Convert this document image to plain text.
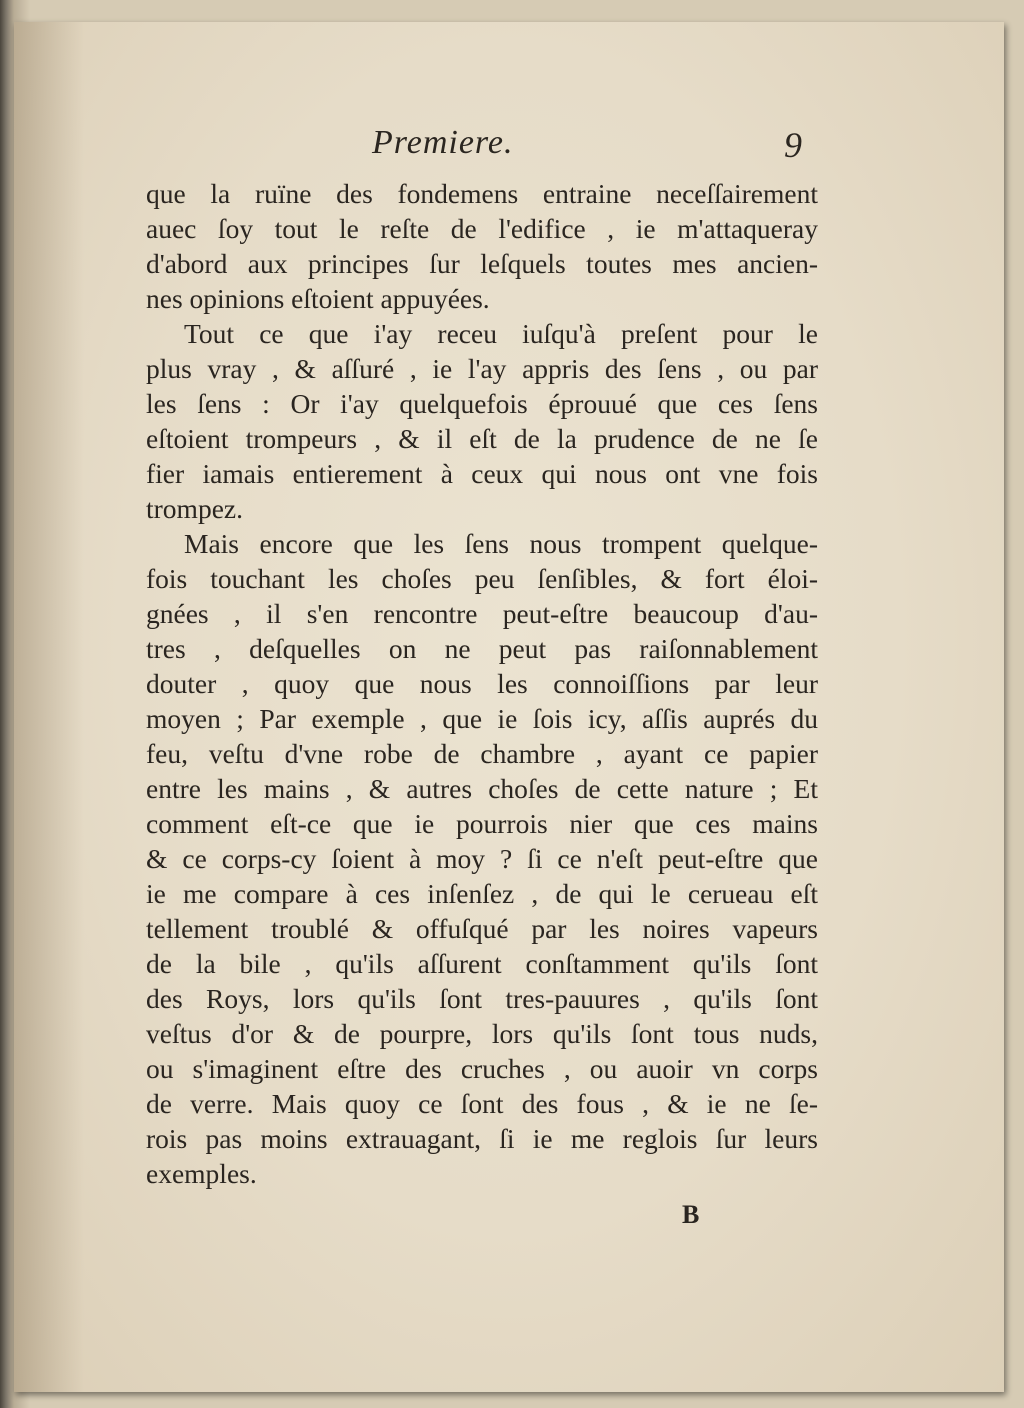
Premiere.	9
que la ruïne des fondemens entraine neceſſairement
auec ſoy tout le reſte de l'edifice , ie m'attaqueray
d'abord aux principes ſur leſquels toutes mes ancien-
nes opinions eſtoient appuyées.
Tout ce que i'ay receu iuſqu'à preſent pour le
plus vray , & aſſuré , ie l'ay appris des ſens , ou par
les ſens : Or i'ay quelquefois éprouué que ces ſens
eſtoient trompeurs , & il eſt de la prudence de ne ſe
fier iamais entierement à ceux qui nous ont vne fois
trompez.
Mais encore que les ſens nous trompent quelque-
fois touchant les choſes peu ſenſibles, & fort éloi-
gnées , il s'en rencontre peut-eſtre beaucoup d'au-
tres , deſquelles on ne peut pas raiſonnablement
douter , quoy que nous les connoiſſions par leur
moyen ; Par exemple , que ie ſois icy, aſſis auprés du
feu, veſtu d'vne robe de chambre , ayant ce papier
entre les mains , & autres choſes de cette nature ; Et
comment eſt-ce que ie pourrois nier que ces mains
& ce corps-cy ſoient à moy ? ſi ce n'eſt peut-eſtre que
ie me compare à ces inſenſez , de qui le cerueau eſt
tellement troublé & offuſqué par les noires vapeurs
de la bile , qu'ils aſſurent conſtamment qu'ils ſont
des Roys, lors qu'ils ſont tres-pauures , qu'ils ſont
veſtus d'or & de pourpre, lors qu'ils ſont tous nuds,
ou s'imaginent eſtre des cruches , ou auoir vn corps
de verre. Mais quoy ce ſont des fous , & ie ne ſe-
rois pas moins extrauagant, ſi ie me reglois ſur leurs
exemples.
B
